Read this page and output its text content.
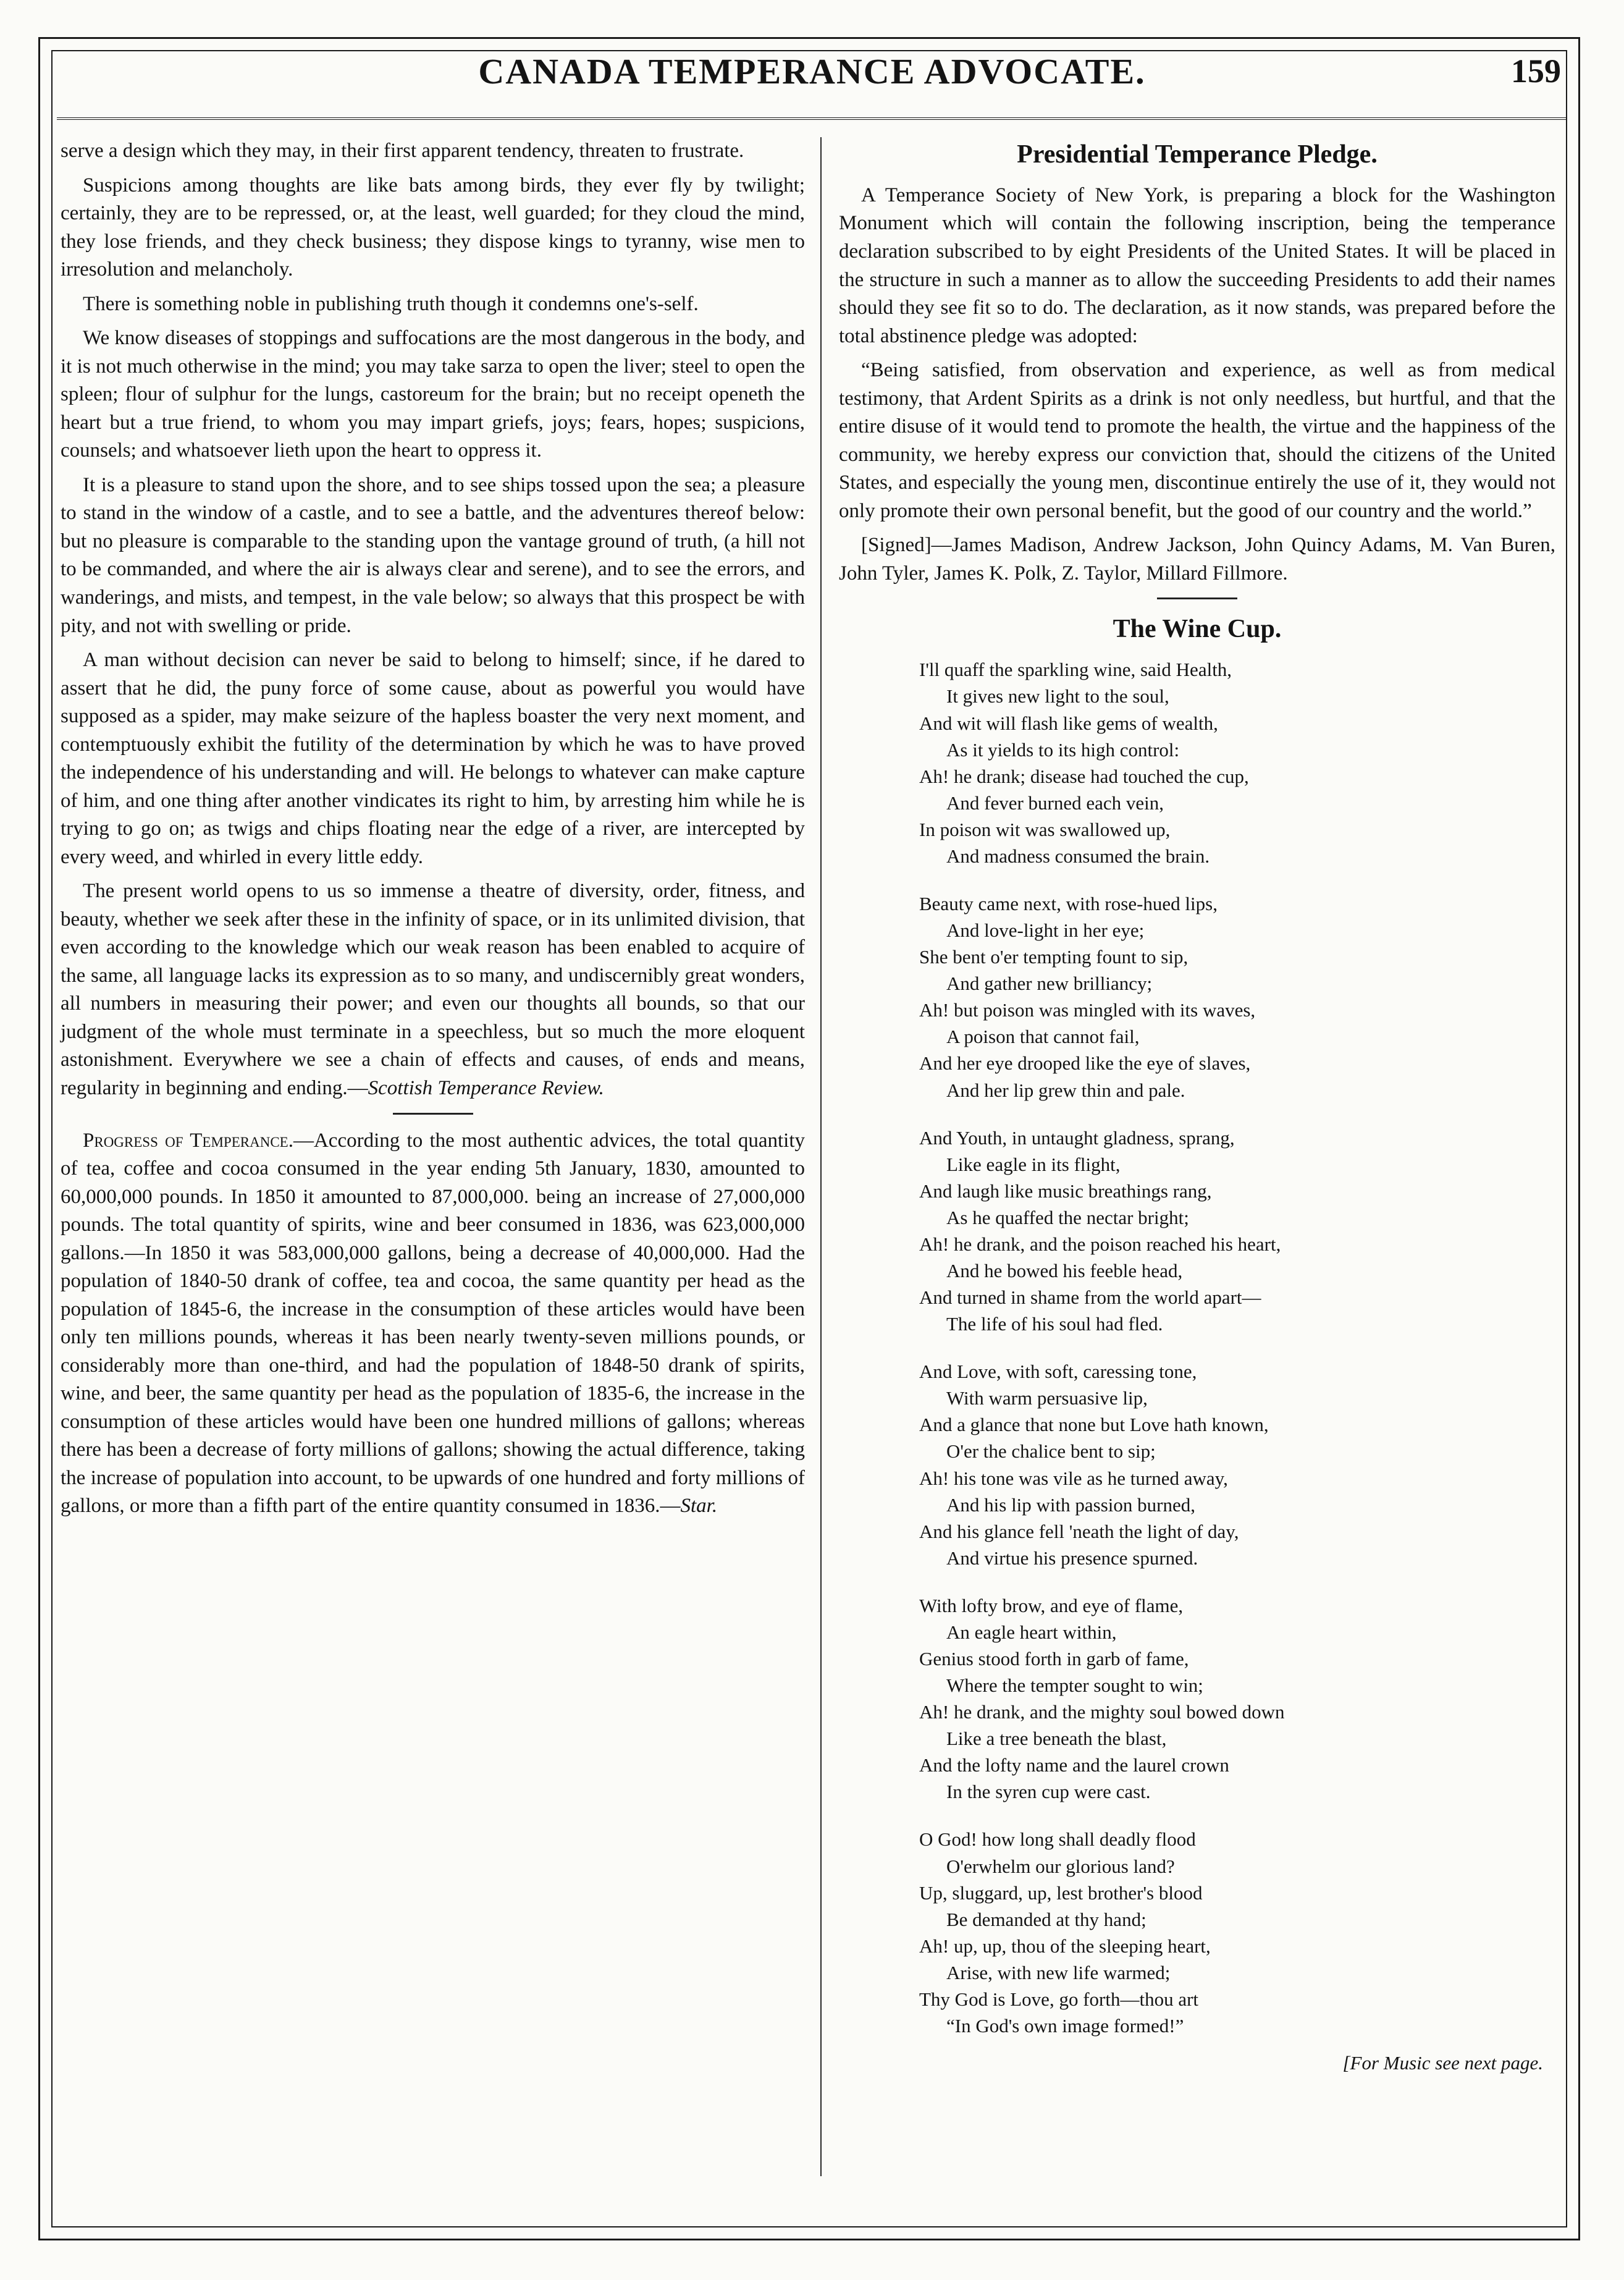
CANADA TEMPERANCE ADVOCATE.	159

serve a design which they may, in their first apparent tendency, threaten to frustrate.

Suspicions among thoughts are like bats among birds, they ever fly by twilight; certainly, they are to be repressed, or, at the least, well guarded; for they cloud the mind, they lose friends, and they check business; they dispose kings to tyranny, wise men to irresolution and melancholy.

There is something noble in publishing truth though it condemns one's-self.

We know diseases of stoppings and suffocations are the most dangerous in the body, and it is not much otherwise in the mind; you may take sarza to open the liver; steel to open the spleen; flour of sulphur for the lungs, castoreum for the brain; but no receipt openeth the heart but a true friend, to whom you may impart griefs, joys; fears, hopes; suspicions, counsels; and whatsoever lieth upon the heart to oppress it.

It is a pleasure to stand upon the shore, and to see ships tossed upon the sea; a pleasure to stand in the window of a castle, and to see a battle, and the adventures thereof below: but no pleasure is comparable to the standing upon the vantage ground of truth, (a hill not to be commanded, and where the air is always clear and serene), and to see the errors, and wanderings, and mists, and tempest, in the vale below; so always that this prospect be with pity, and not with swelling or pride.

A man without decision can never be said to belong to himself; since, if he dared to assert that he did, the puny force of some cause, about as powerful you would have supposed as a spider, may make seizure of the hapless boaster the very next moment, and contemptuously exhibit the futility of the determination by which he was to have proved the independence of his understanding and will. He belongs to whatever can make capture of him, and one thing after another vindicates its right to him, by arresting him while he is trying to go on; as twigs and chips floating near the edge of a river, are intercepted by every weed, and whirled in every little eddy.

The present world opens to us so immense a theatre of diversity, order, fitness, and beauty, whether we seek after these in the infinity of space, or in its unlimited division, that even according to the knowledge which our weak reason has been enabled to acquire of the same, all language lacks its expression as to so many, and undiscernibly great wonders, all numbers in measuring their power; and even our thoughts all bounds, so that our judgment of the whole must terminate in a speechless, but so much the more eloquent astonishment. Everywhere we see a chain of effects and causes, of ends and means, regularity in beginning and ending.—Scottish Temperance Review.

Progress of Temperance.—According to the most authentic advices, the total quantity of tea, coffee and cocoa consumed in the year ending 5th January, 1830, amounted to 60,000,000 pounds. In 1850 it amounted to 87,000,000. being an increase of 27,000,000 pounds. The total quantity of spirits, wine and beer consumed in 1836, was 623,000,000 gallons.—In 1850 it was 583,000,000 gallons, being a decrease of 40,000,000. Had the population of 1840-50 drank of coffee, tea and cocoa, the same quantity per head as the population of 1845-6, the increase in the consumption of these articles would have been only ten millions pounds, whereas it has been nearly twenty-seven millions pounds, or considerably more than one-third, and had the population of 1848-50 drank of spirits, wine, and beer, the same quantity per head as the population of 1835-6, the increase in the consumption of these articles would have been one hundred millions of gallons; whereas there has been a decrease of forty millions of gallons; showing the actual difference, taking the increase of population into account, to be upwards of one hundred and forty millions of gallons, or more than a fifth part of the entire quantity consumed in 1836.—Star.

Presidential Temperance Pledge.

A Temperance Society of New York, is preparing a block for the Washington Monument which will contain the following inscription, being the temperance declaration subscribed to by eight Presidents of the United States. It will be placed in the structure in such a manner as to allow the succeeding Presidents to add their names should they see fit so to do. The declaration, as it now stands, was prepared before the total abstinence pledge was adopted:

“Being satisfied, from observation and experience, as well as from medical testimony, that Ardent Spirits as a drink is not only needless, but hurtful, and that the entire disuse of it would tend to promote the health, the virtue and the happiness of the community, we hereby express our conviction that, should the citizens of the United States, and especially the young men, discontinue entirely the use of it, they would not only promote their own personal benefit, but the good of our country and the world.”

[Signed]—James Madison, Andrew Jackson, John Quincy Adams, M. Van Buren, John Tyler, James K. Polk, Z. Taylor, Millard Fillmore.

The Wine Cup.
I'll quaff the sparkling wine, said Health,
It gives new light to the soul,
And wit will flash like gems of wealth,
As it yields to its high control:
Ah! he drank; disease had touched the cup,
And fever burned each vein,
In poison wit was swallowed up,
And madness consumed the brain.
Beauty came next, with rose-hued lips,
And love-light in her eye;
She bent o'er tempting fount to sip,
And gather new brilliancy;
Ah! but poison was mingled with its waves,
A poison that cannot fail,
And her eye drooped like the eye of slaves,
And her lip grew thin and pale.
And Youth, in untaught gladness, sprang,
Like eagle in its flight,
And laugh like music breathings rang,
As he quaffed the nectar bright;
Ah! he drank, and the poison reached his heart,
And he bowed his feeble head,
And turned in shame from the world apart—
The life of his soul had fled.
And Love, with soft, caressing tone,
With warm persuasive lip,
And a glance that none but Love hath known,
O'er the chalice bent to sip;
Ah! his tone was vile as he turned away,
And his lip with passion burned,
And his glance fell 'neath the light of day,
And virtue his presence spurned.
With lofty brow, and eye of flame,
An eagle heart within,
Genius stood forth in garb of fame,
Where the tempter sought to win;
Ah! he drank, and the mighty soul bowed down
Like a tree beneath the blast,
And the lofty name and the laurel crown
In the syren cup were cast.
O God! how long shall deadly flood
O'erwhelm our glorious land?
Up, sluggard, up, lest brother's blood
Be demanded at thy hand;
Ah! up, up, thou of the sleeping heart,
Arise, with new life warmed;
Thy God is Love, go forth—thou art
“In God's own image formed!”
[For Music see next page.
